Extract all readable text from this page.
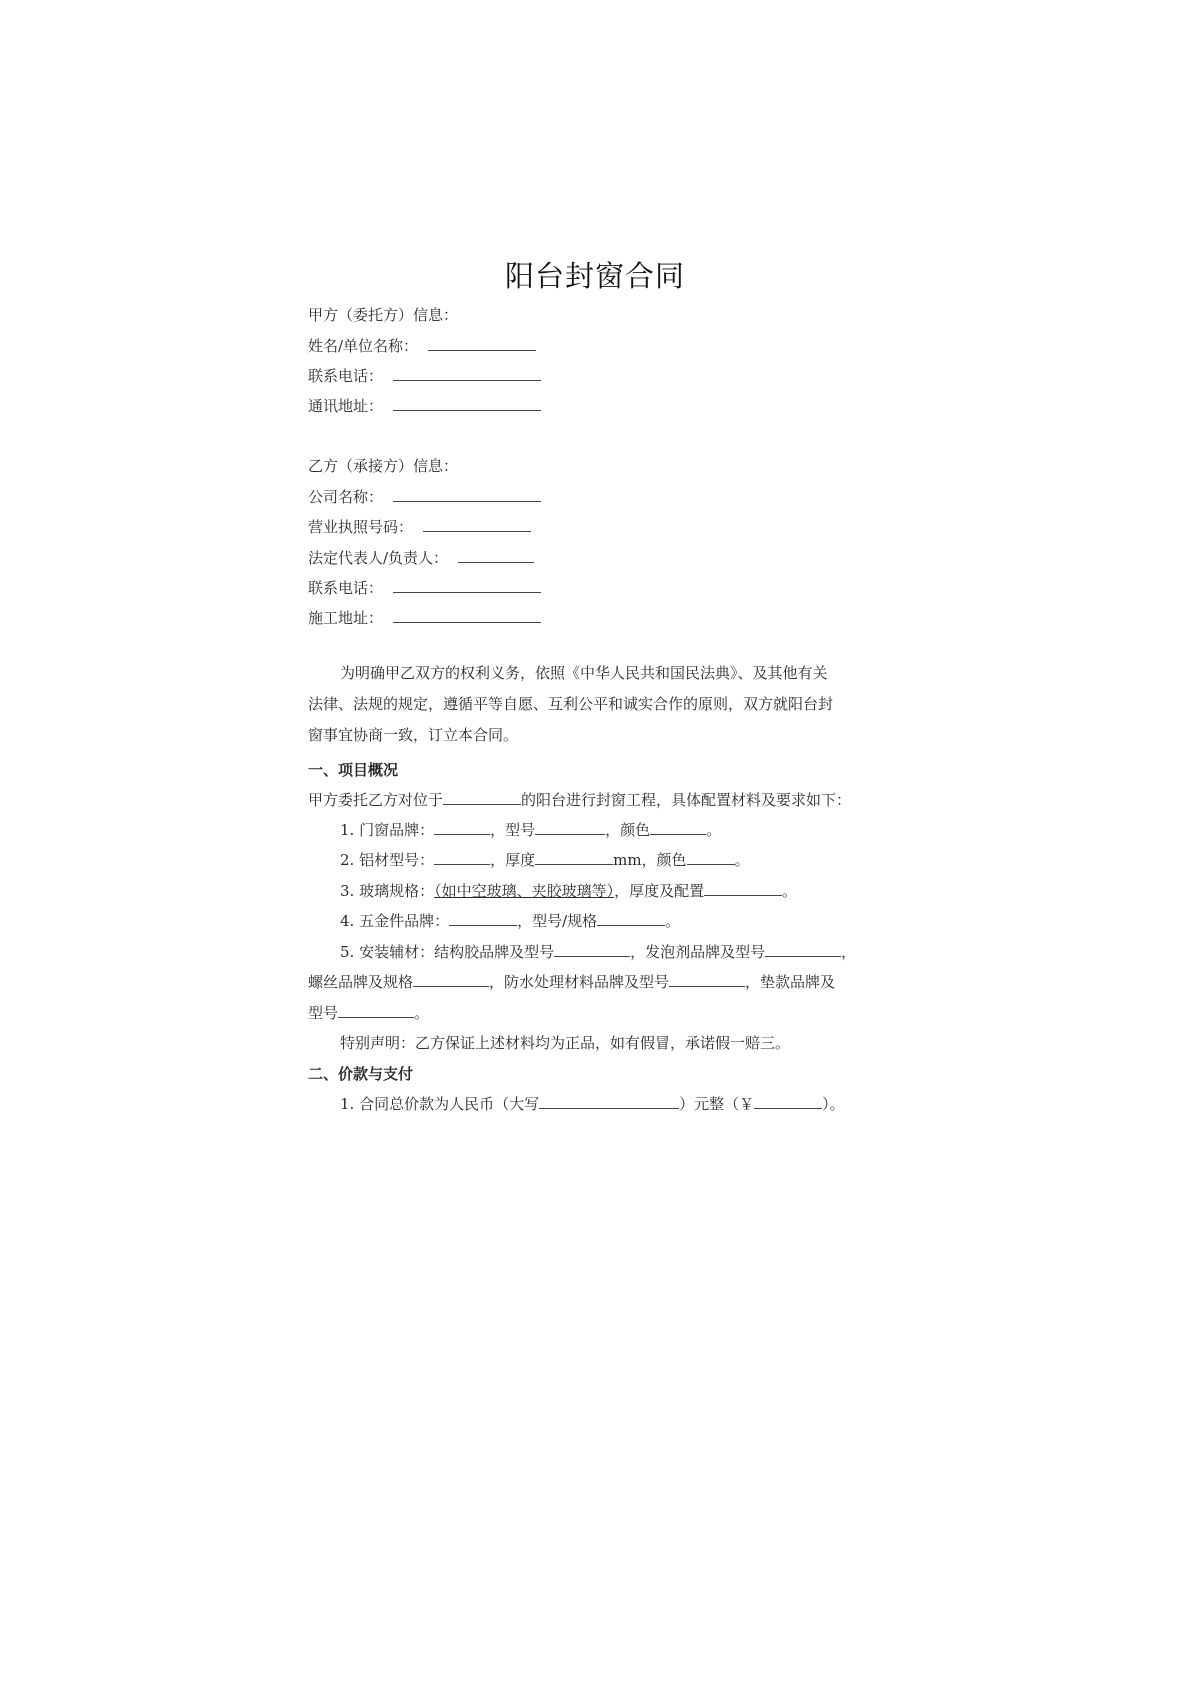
阳台封窗合同
甲方（委托方）信息：
姓名/单位名称：
联系电话：
通讯地址：
乙方（承接方）信息：
公司名称：
营业执照号码：
法定代表人/负责人：
联系电话：
施工地址：
为明确甲乙双方的权利义务，依照《中华人民共和国民法典》、及其他有关
法律、法规的规定，遵循平等自愿、互利公平和诚实合作的原则，双方就阳台封
窗事宜协商一致，订立本合同。
一、项目概况
甲方委托乙方对位于	的阳台进行封窗工程，具体配置材料及要求如下：
1. 门窗品牌：	，型号	，颜色	。
2. 铝材型号：	，厚度	mm，颜色	。
3. 玻璃规格：（如中空玻璃、夹胶玻璃等），厚度及配置	。
4. 五金件品牌：	，型号/规格	。
5. 安装辅材：结构胶品牌及型号	，发泡剂品牌及型号	，
螺丝品牌及规格	，防水处理材料品牌及型号	，垫款品牌及
型号	。
特别声明：乙方保证上述材料均为正品，如有假冒，承诺假一赔三。
二、价款与支付
1. 合同总价款为人民币（大写	）元整（￥	）。
